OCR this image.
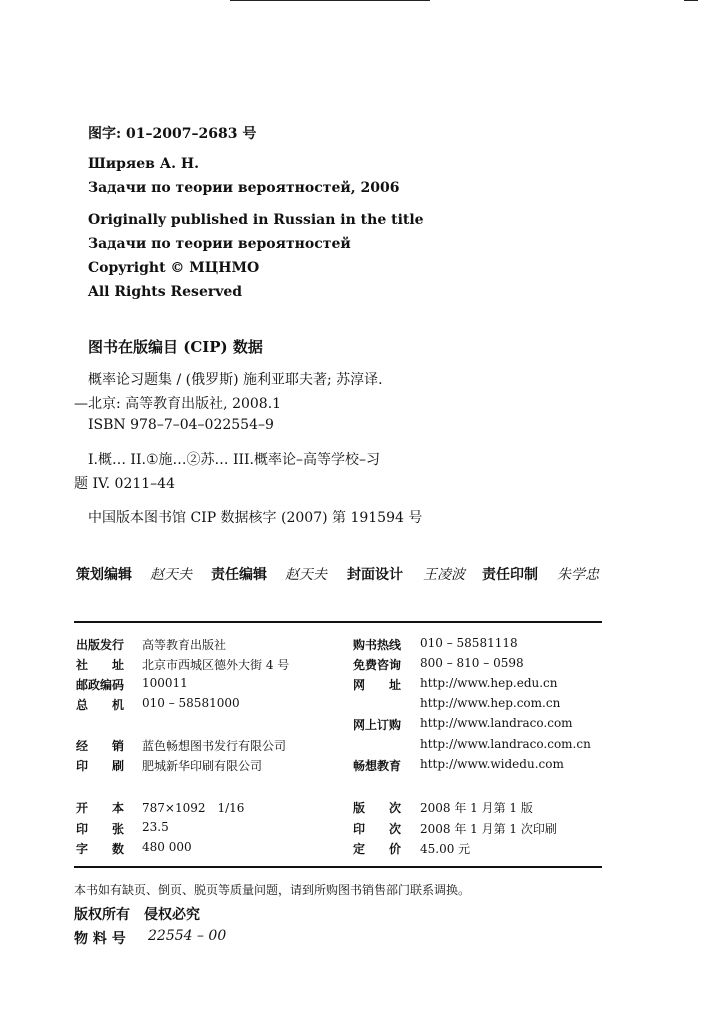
图字: 01–2007–2683 号
Ширяев А. Н.
Задачи по теории вероятностей, 2006
Originally published in Russian in the title
Задачи по теории вероятностей
Copyright © МЦНМО
All Rights Reserved
图书在版编目 (CIP) 数据
概率论习题集 / (俄罗斯) 施利亚耶夫著; 苏淳译.
—北京: 高等教育出版社, 2008.1
ISBN 978–7–04–022554–9
I.概… II.①施…②苏… III.概率论–高等学校–习
题 IV. 0211–44
中国版本图书馆 CIP 数据核字 (2007) 第 191594 号
策划编辑 赵天夫 责任编辑 赵天夫 封面设计 王凌波 责任印制 朱学忠
出版发行 高等教育出版社
社　　址 北京市西城区德外大街 4 号
邮政编码 100011
总　　机 010 – 58581000
经　　销 蓝色畅想图书发行有限公司
印　　刷 肥城新华印刷有限公司
购书热线 010 – 58581118
免费咨询 800 – 810 – 0598
网　　址 http://www.hep.edu.cn
http://www.hep.com.cn
网上订购 http://www.landraco.com
http://www.landraco.com.cn
畅想教育 http://www.widedu.com
开　　本 787×1092　1/16
印　　张 23.5
字　　数 480 000
版　　次 2008 年 1 月第 1 版
印　　次 2008 年 1 月第 1 次印刷
定　　价 45.00 元
本书如有缺页、倒页、脱页等质量问题，请到所购图书销售部门联系调换。
版权所有　侵权必究
物 料 号 22554 – 00
